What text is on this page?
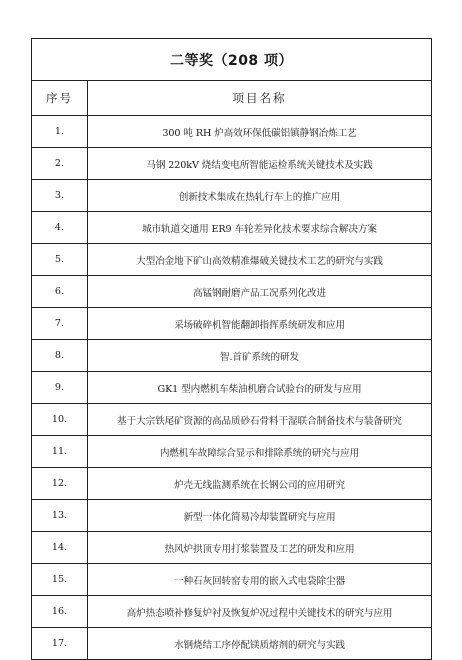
二等奖（208 项）	
序号	项目名称
1.	300 吨 RH 炉高效环保低碳铝镇静钢冶炼工艺
2.	马钢 220kV 烧结变电所智能运检系统关键技术及实践
3.	创新技术集成在热轧行车上的推广应用
4.	城市轨道交通用 ER9 车轮差异化技术要求综合解决方案
5.	大型冶金地下矿山高效精准爆破关键技术工艺的研究与实践
6.	高锰钢耐磨产品工况系列化改进
7.	采场破碎机智能翻卸指挥系统研发和应用
8.	智.首矿系统的研发
9.	GK1 型内燃机车柴油机磨合试验台的研发与应用
10.	基于大宗铁尾矿资源的高品质砂石骨料干湿联合制备技术与装备研究
11.	内燃机车故障综合显示和排除系统的研究与应用
12.	炉壳无线监测系统在长钢公司的应用研究
13.	新型一体化简易冷却装置研究与应用
14.	热风炉拱顶专用打浆装置及工艺的研发和应用
15.	一种石灰回转窑专用的嵌入式电袋除尘器
16.	高炉热态喷补修复炉衬及恢复炉况过程中关键技术的研究与应用
17.	水钢烧结工序停配镁质熔剂的研究与实践
